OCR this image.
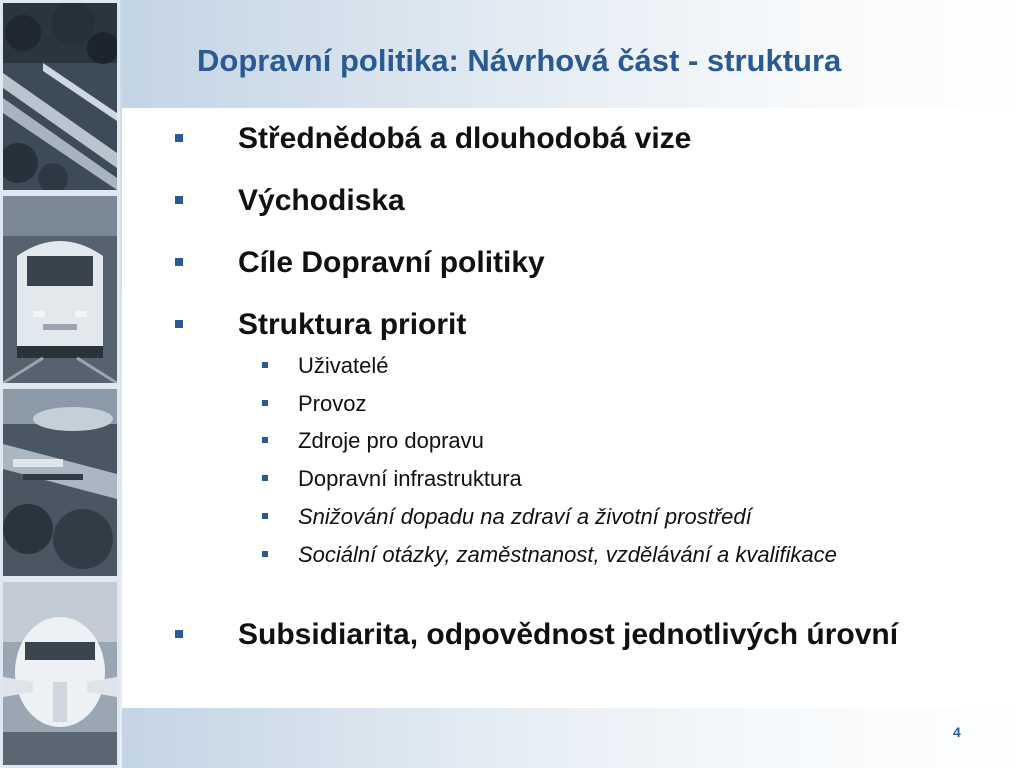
Dopravní politika: Návrhová část - struktura
Střednědobá a dlouhodobá vize
Východiska
Cíle Dopravní politiky
Struktura priorit
Uživatelé
Provoz
Zdroje pro dopravu
Dopravní infrastruktura
Snižování dopadu na zdraví a životní prostředí
Sociální otázky, zaměstnanost, vzdělávání a kvalifikace
Subsidiarita, odpovědnost jednotlivých úrovní
4
